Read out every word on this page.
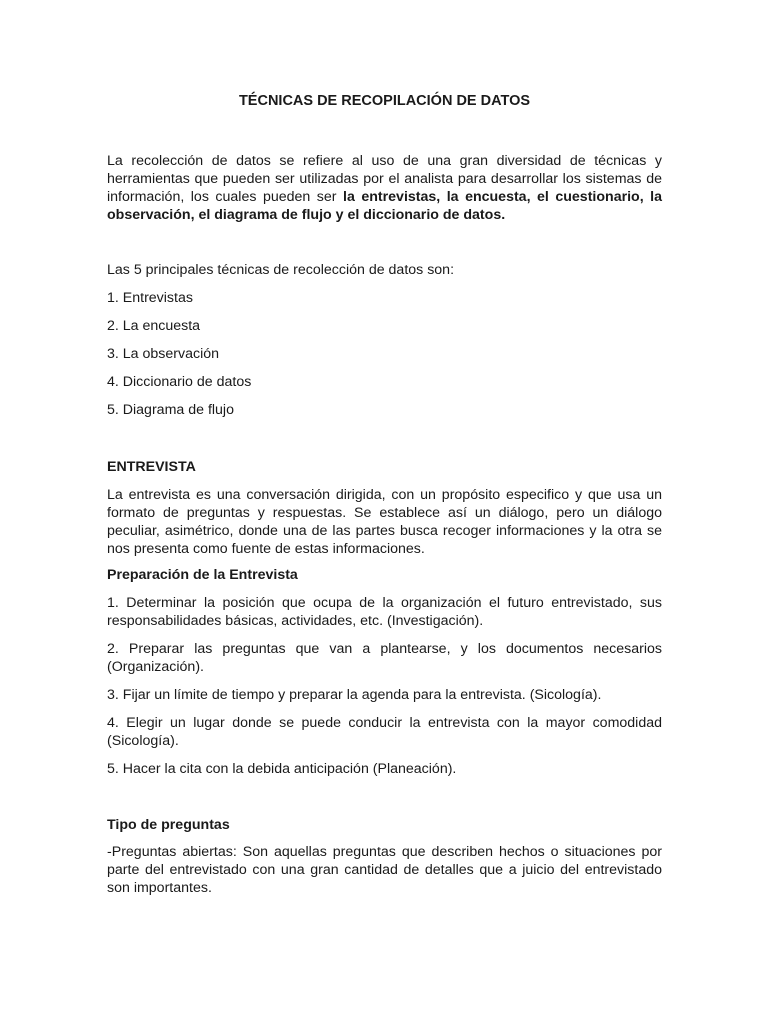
TÉCNICAS DE RECOPILACIÓN DE DATOS

La recolección de datos se refiere al uso de una gran diversidad de técnicas y herramientas que pueden ser utilizadas por el analista para desarrollar los sistemas de información, los cuales pueden ser la entrevistas, la encuesta, el cuestionario, la observación, el diagrama de flujo y el diccionario de datos.

Las 5 principales técnicas de recolección de datos son:

1. Entrevistas

2. La encuesta

3. La observación

4. Diccionario de datos

5. Diagrama de flujo

ENTREVISTA

La entrevista es una conversación dirigida, con un propósito especifico y que usa un formato de preguntas y respuestas. Se establece así un diálogo, pero un diálogo peculiar, asimétrico, donde una de las partes busca recoger informaciones y la otra se nos presenta como fuente de estas informaciones.

Preparación de la Entrevista

1. Determinar la posición que ocupa de la organización el futuro entrevistado, sus responsabilidades básicas, actividades, etc. (Investigación).

2. Preparar las preguntas que van a plantearse, y los documentos necesarios (Organización).

3. Fijar un límite de tiempo y preparar la agenda para la entrevista. (Sicología).

4. Elegir un lugar donde se puede conducir la entrevista con la mayor comodidad (Sicología).

5. Hacer la cita con la debida anticipación (Planeación).

Tipo de preguntas

-Preguntas abiertas: Son aquellas preguntas que describen hechos o situaciones por parte del entrevistado con una gran cantidad de detalles que a juicio del entrevistado son importantes.
